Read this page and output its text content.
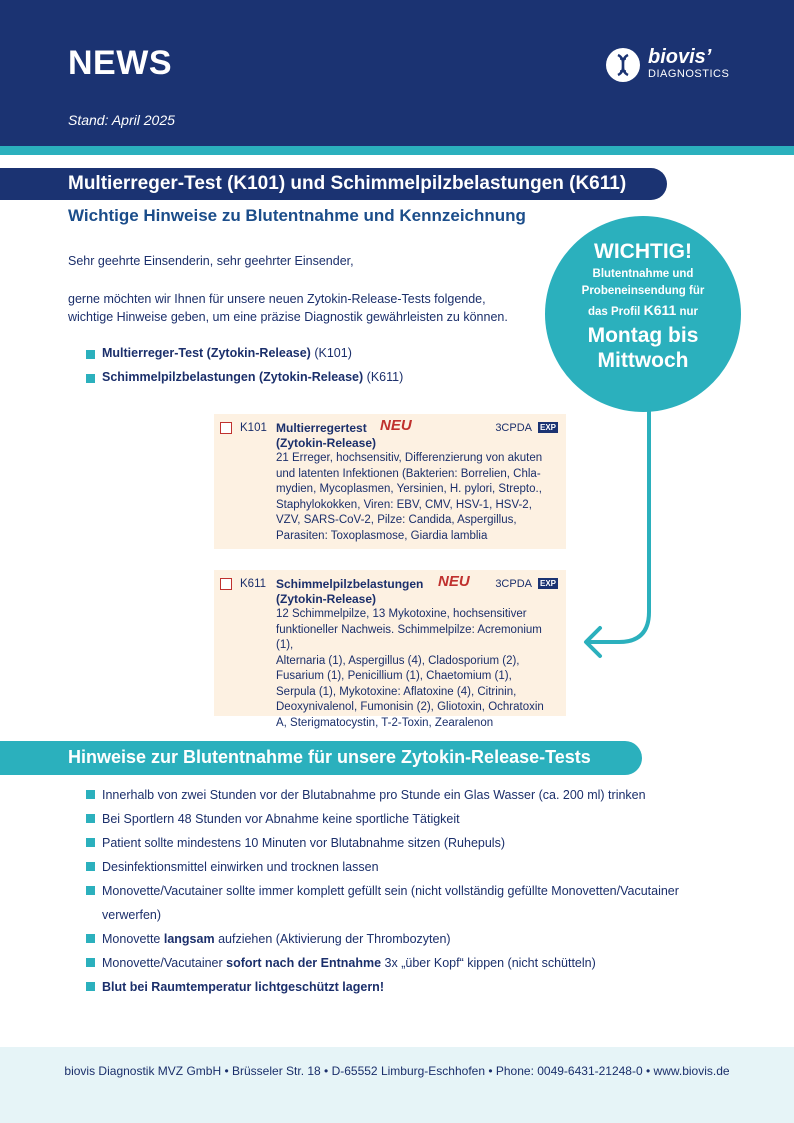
NEWS
Stand: April 2025
biovis’
DIAGNOSTICS
Multierreger-Test (K101) und Schimmelpilzbelastungen (K611)
Wichtige Hinweise zu Blutentnahme und Kennzeichnung
Sehr geehrte Einsenderin, sehr geehrter Einsender,
gerne möchten wir Ihnen für unsere neuen Zytokin-Release-Tests folgende,
wichtige Hinweise geben, um eine präzise Diagnostik gewährleisten zu können.
Multierreger-Test (Zytokin-Release) (K101)
Schimmelpilzbelastungen (Zytokin-Release) (K611)
WICHTIG!
Blutentnahme und
Probeneinsendung für
das Profil K611 nur
Montag bis
Mittwoch
K101 Multierregertest NEU	3CPDA EXP
(Zytokin-Release)
21 Erreger, hochsensitiv, Differenzierung von akuten
und latenten Infektionen (Bakterien: Borrelien, Chla-
mydien, Mycoplasmen, Yersinien, H. pylori, Strepto.,
Staphylokokken, Viren: EBV, CMV, HSV-1, HSV-2,
VZV, SARS-CoV-2, Pilze: Candida, Aspergillus,
Parasiten: Toxoplasmose, Giardia lamblia
K611 Schimmelpilzbelastungen NEU 3CPDA EXP
(Zytokin-Release)
12 Schimmelpilze, 13 Mykotoxine, hochsensitiver
funktioneller Nachweis. Schimmelpilze: Acremonium (1),
Alternaria (1), Aspergillus (4), Cladosporium (2),
Fusarium (1), Penicillium (1), Chaetomium (1),
Serpula (1), Mykotoxine: Aflatoxine (4), Citrinin,
Deoxynivalenol, Fumonisin (2), Gliotoxin, Ochratoxin
A, Sterigmatocystin, T-2-Toxin, Zearalenon
Hinweise zur Blutentnahme für unsere Zytokin-Release-Tests
Innerhalb von zwei Stunden vor der Blutabnahme pro Stunde ein Glas Wasser (ca. 200 ml) trinken
Bei Sportlern 48 Stunden vor Abnahme keine sportliche Tätigkeit
Patient sollte mindestens 10 Minuten vor Blutabnahme sitzen (Ruhepuls)
Desinfektionsmittel einwirken und trocknen lassen
Monovette/Vacutainer sollte immer komplett gefüllt sein (nicht vollständig gefüllte Monovetten/Vacutainer
verwerfen)
Monovette langsam aufziehen (Aktivierung der Thrombozyten)
Monovette/Vacutainer sofort nach der Entnahme 3x „über Kopf“ kippen (nicht schütteln)
Blut bei Raumtemperatur lichtgeschützt lagern!
biovis Diagnostik MVZ GmbH • Brüsseler Str. 18 • D-65552 Limburg-Eschhofen • Phone: 0049-6431-21248-0 • www.biovis.de
